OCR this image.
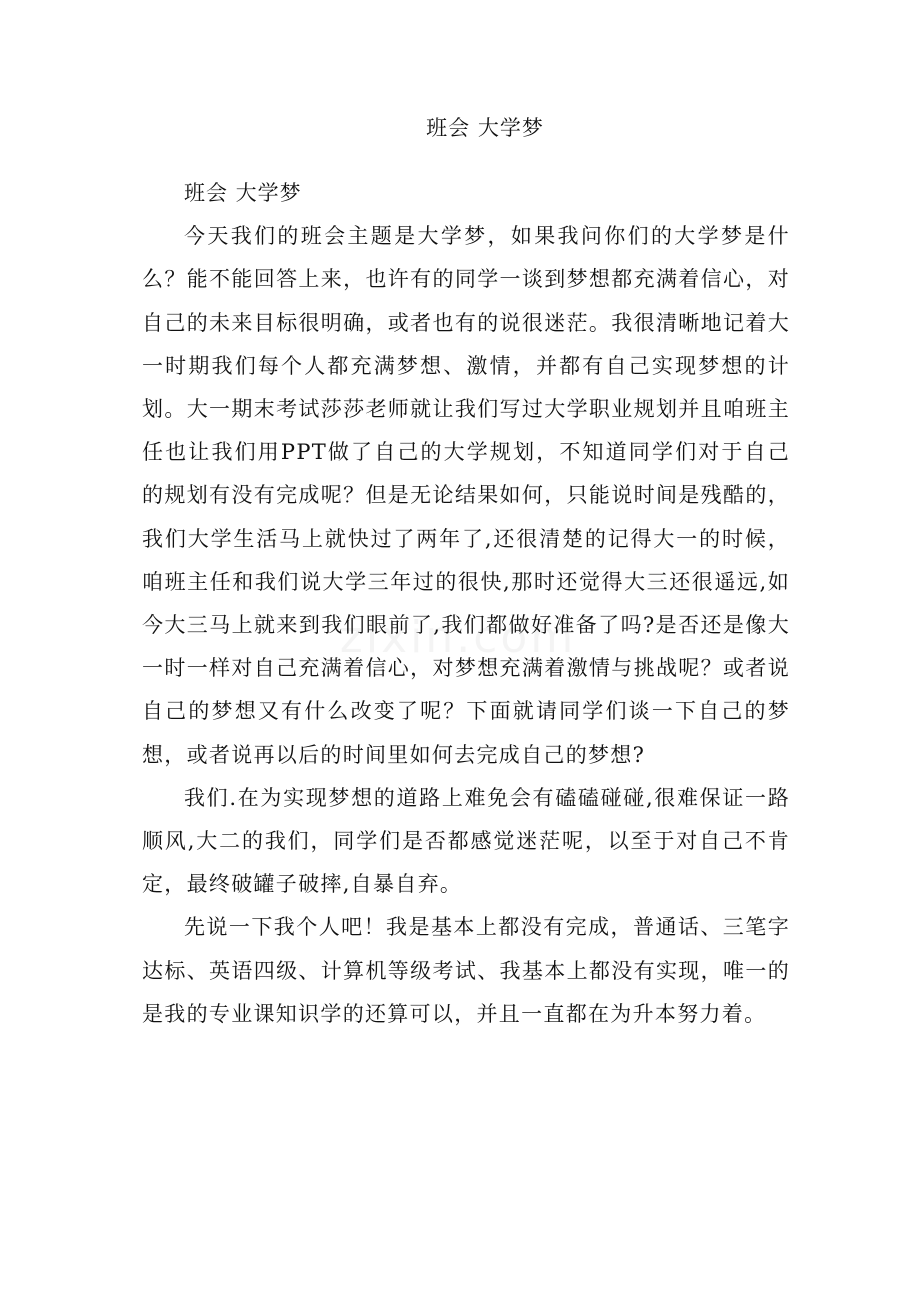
班会 大学梦

班会 大学梦

今天我们的班会主题是大学梦，如果我问你们的大学梦是什么？能不能回答上来，也许有的同学一谈到梦想都充满着信心，对自己的未来目标很明确，或者也有的说很迷茫。我很清晰地记着大一时期我们每个人都充满梦想、激情，并都有自己实现梦想的计划。大一期末考试莎莎老师就让我们写过大学职业规划并且咱班主任也让我们用PPT做了自己的大学规划，不知道同学们对于自己的规划有没有完成呢？但是无论结果如何，只能说时间是残酷的，我们大学生活马上就快过了两年了,还很清楚的记得大一的时候，咱班主任和我们说大学三年过的很快,那时还觉得大三还很遥远,如今大三马上就来到我们眼前了,我们都做好准备了吗?是否还是像大一时一样对自己充满着信心，对梦想充满着激情与挑战呢？或者说自己的梦想又有什么改变了呢？下面就请同学们谈一下自己的梦想，或者说再以后的时间里如何去完成自己的梦想?

我们.在为实现梦想的道路上难免会有磕磕碰碰,很难保证一路顺风,大二的我们，同学们是否都感觉迷茫呢，以至于对自己不肯定，最终破罐子破摔,自暴自弃。

先说一下我个人吧！我是基本上都没有完成，普通话、三笔字达标、英语四级、计算机等级考试、我基本上都没有实现，唯一的是我的专业课知识学的还算可以，并且一直都在为升本努力着。
